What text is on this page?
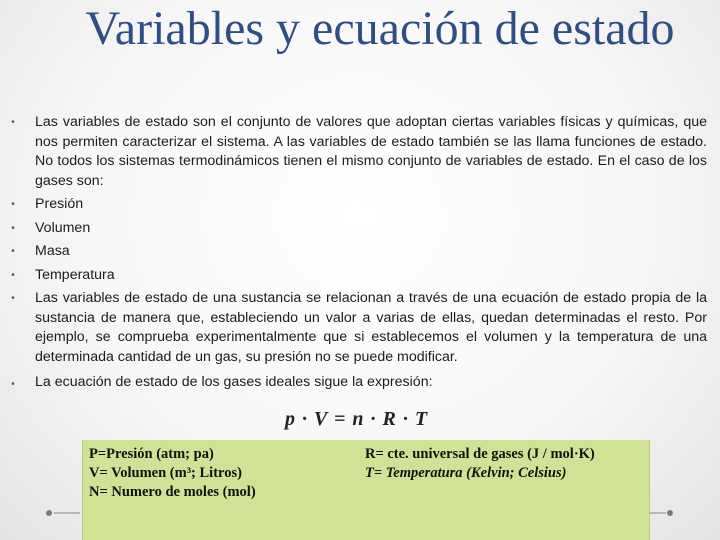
Variables y ecuación de estado
•	Las variables de estado son el conjunto de valores que adoptan ciertas variables físicas y químicas, que nos permiten caracterizar el sistema. A las variables de estado también se las llama funciones de estado. No todos los sistemas termodinámicos tienen el mismo conjunto de variables de estado. En el caso de los gases son:
•	Presión
•	Volumen
•	Masa
•	Temperatura
•	Las variables de estado de una sustancia se relacionan a través de una ecuación de estado propia de la sustancia de manera que, estableciendo un valor a varias de ellas, quedan determinadas el resto. Por ejemplo, se comprueba experimentalmente que si establecemos el volumen y la temperatura de una determinada cantidad de un gas, su presión no se puede modificar.
•	La ecuación de estado de los gases ideales sigue la expresión:
p · V = n · R · T
P=Presión (atm; pa)
V= Volumen (m³; Litros)
N= Numero de moles (mol)
R= cte. universal de gases (J / mol·K)
T= Temperatura (Kelvin; Celsius)
